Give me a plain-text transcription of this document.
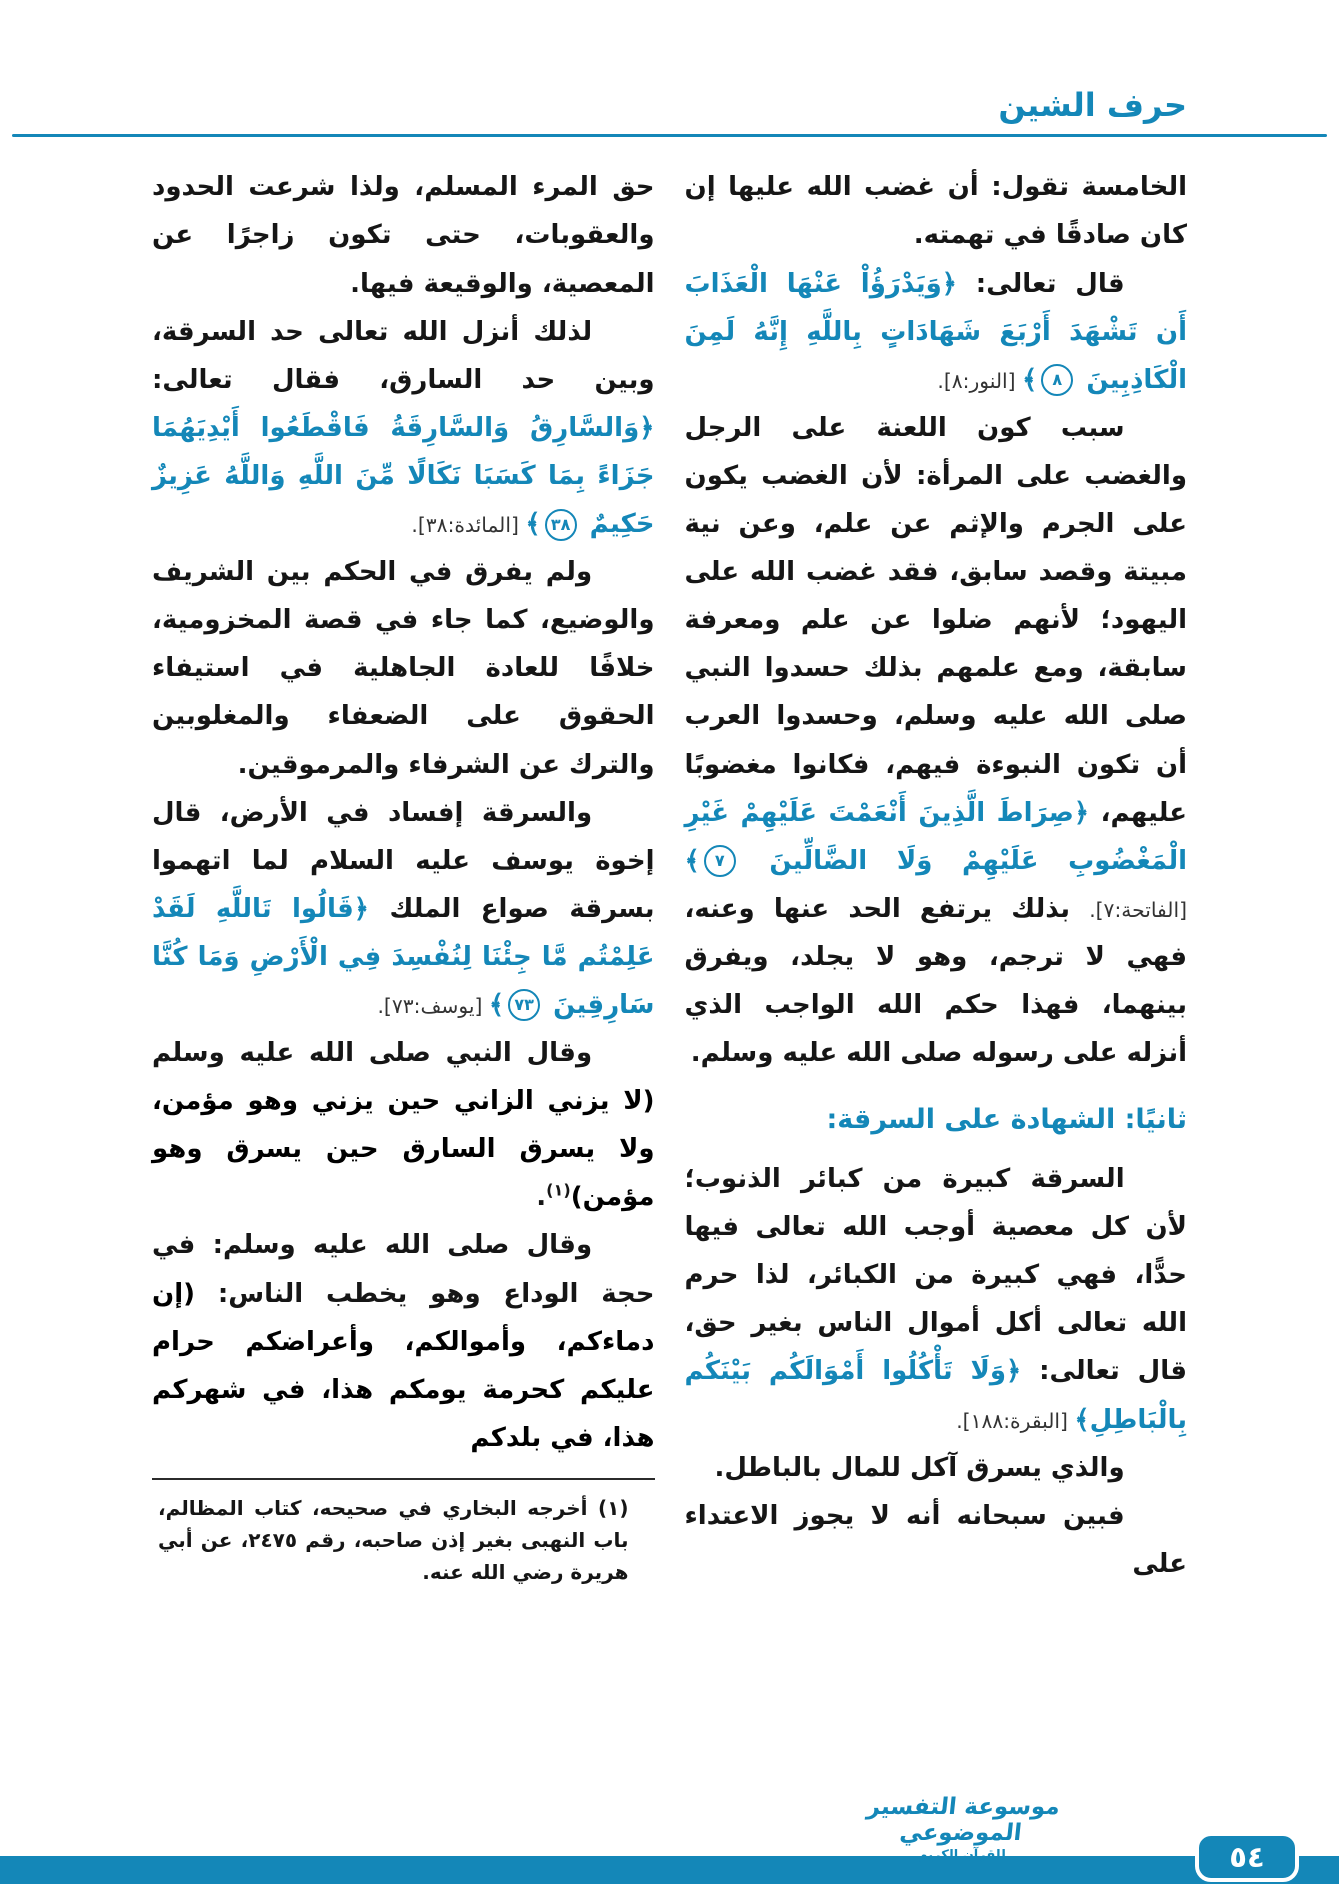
حرف الشين

الخامسة تقول: أن غضب الله عليها إن كان صادقًا في تهمته.

قال تعالى: ﴿وَيَدْرَؤُاْ عَنْهَا الْعَذَابَ أَن تَشْهَدَ أَرْبَعَ شَهَادَاتٍ بِاللَّهِ إِنَّهُ لَمِنَ الْكَاذِبِينَ ٨﴾ [النور:٨].

سبب كون اللعنة على الرجل والغضب على المرأة: لأن الغضب يكون على الجرم والإثم عن علم، وعن نية مبيتة وقصد سابق، فقد غضب الله على اليهود؛ لأنهم ضلوا عن علم ومعرفة سابقة، ومع علمهم بذلك حسدوا النبي صلى الله عليه وسلم، وحسدوا العرب أن تكون النبوءة فيهم، فكانوا مغضوبًا عليهم، ﴿صِرَاطَ الَّذِينَ أَنْعَمْتَ عَلَيْهِمْ غَيْرِ الْمَغْضُوبِ عَلَيْهِمْ وَلَا الضَّالِّينَ ٧﴾ [الفاتحة:٧]. بذلك يرتفع الحد عنها وعنه، فهي لا ترجم، وهو لا يجلد، ويفرق بينهما، فهذا حكم الله الواجب الذي أنزله على رسوله صلى الله عليه وسلم.

ثانيًا: الشهادة على السرقة:

السرقة كبيرة من كبائر الذنوب؛ لأن كل معصية أوجب الله تعالى فيها حدًّا، فهي كبيرة من الكبائر، لذا حرم الله تعالى أكل أموال الناس بغير حق، قال تعالى: ﴿وَلَا تَأْكُلُوا أَمْوَالَكُم بَيْنَكُم بِالْبَاطِلِ﴾ [البقرة:١٨٨].

والذي يسرق آكل للمال بالباطل.

فبين سبحانه أنه لا يجوز الاعتداء على

حق المرء المسلم، ولذا شرعت الحدود والعقوبات، حتى تكون زاجرًا عن المعصية، والوقيعة فيها.

لذلك أنزل الله تعالى حد السرقة، وبين حد السارق، فقال تعالى: ﴿وَالسَّارِقُ وَالسَّارِقَةُ فَاقْطَعُوا أَيْدِيَهُمَا جَزَاءً بِمَا كَسَبَا نَكَالًا مِّنَ اللَّهِ وَاللَّهُ عَزِيزٌ حَكِيمٌ ٣٨﴾ [المائدة:٣٨].

ولم يفرق في الحكم بين الشريف والوضيع، كما جاء في قصة المخزومية، خلافًا للعادة الجاهلية في استيفاء الحقوق على الضعفاء والمغلوبين والترك عن الشرفاء والمرموقين.

والسرقة إفساد في الأرض، قال إخوة يوسف عليه السلام لما اتهموا بسرقة صواع الملك ﴿قَالُوا تَاللَّهِ لَقَدْ عَلِمْتُم مَّا جِئْنَا لِنُفْسِدَ فِي الْأَرْضِ وَمَا كُنَّا سَارِقِينَ ٧٣﴾ [يوسف:٧٣].

وقال النبي صلى الله عليه وسلم (لا يزني الزاني حين يزني وهو مؤمن، ولا يسرق السارق حين يسرق وهو مؤمن)$^{(١)}$.

وقال صلى الله عليه وسلم: في حجة الوداع وهو يخطب الناس: (إن دماءكم، وأموالكم، وأعراضكم حرام عليكم كحرمة يومكم هذا، في شهركم هذا، في بلدكم

(١) أخرجه البخاري في صحيحه، كتاب المظالم، باب النهبى بغير إذن صاحبه، رقم ٢٤٧٥، عن أبي هريرة رضي الله عنه.

موسوعة التفسير الموضوعي
للقرآن الكريم	٥٤
